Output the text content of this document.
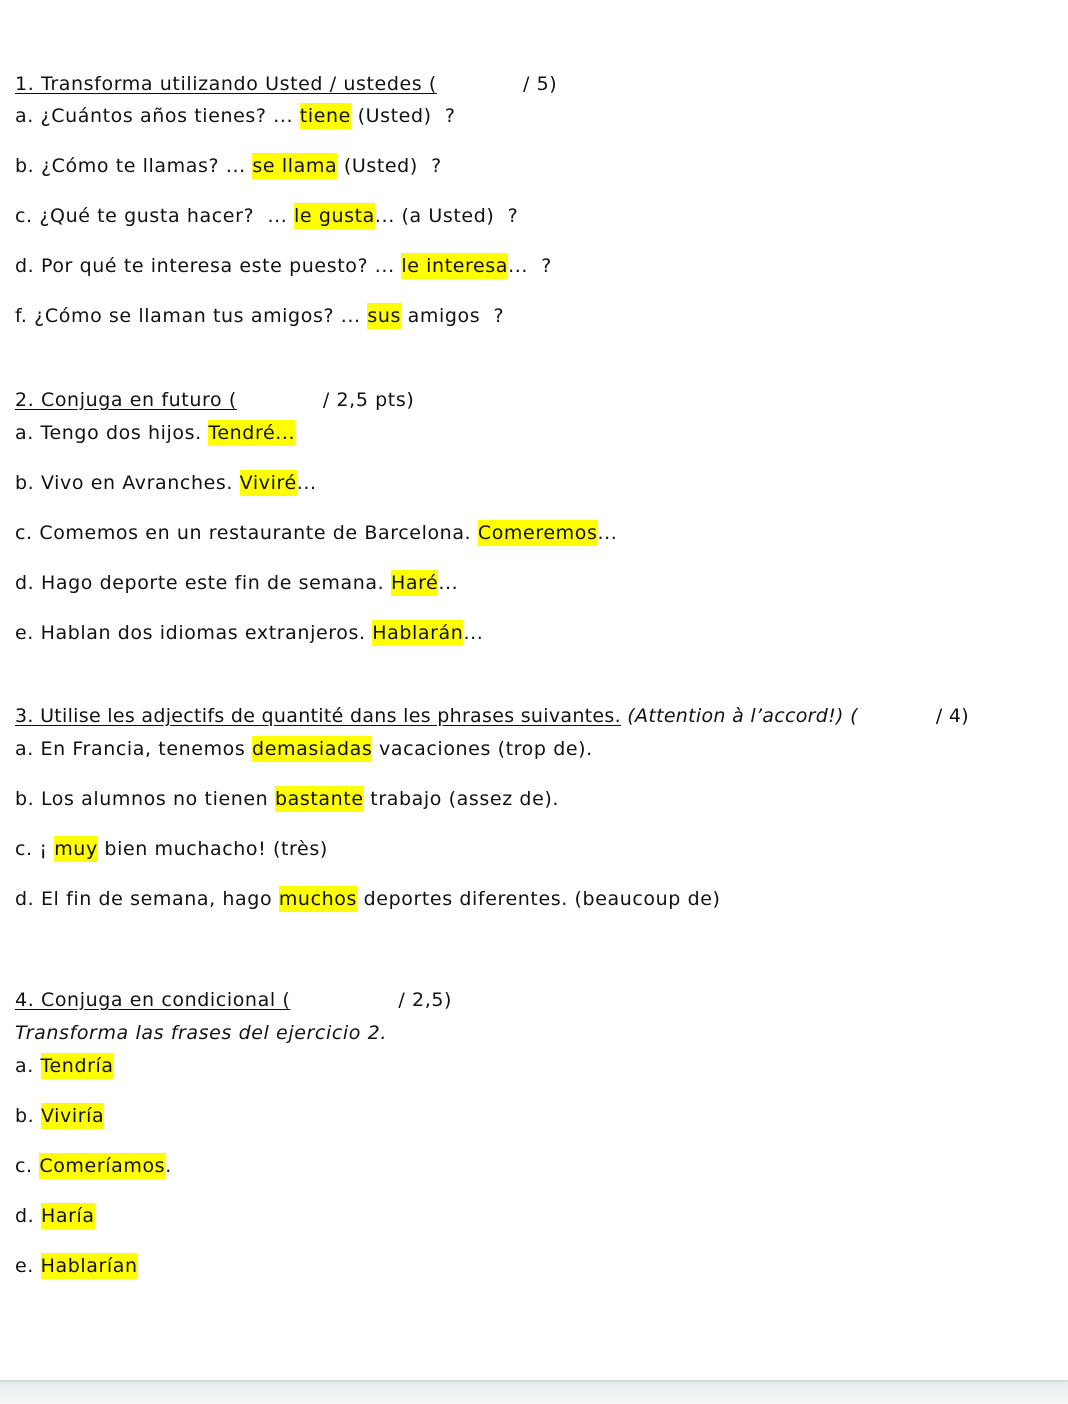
1. Transforma utilizando Usted / ustedes (	/ 5)
a. ¿Cuántos años tienes? ... tiene (Usted)  ?
b. ¿Cómo te llamas? ... se llama (Usted)  ?
c. ¿Qué te gusta hacer?  ... le gusta... (a Usted)  ?
d. Por qué te interesa este puesto? ... le interesa...  ?
f. ¿Cómo se llaman tus amigos? ... sus amigos  ?
2. Conjuga en futuro (	/ 2,5 pts)
a. Tengo dos hijos. Tendré...
b. Vivo en Avranches. Viviré...
c. Comemos en un restaurante de Barcelona. Comeremos...
d. Hago deporte este fin de semana. Haré...
e. Hablan dos idiomas extranjeros. Hablarán...
3. Utilise les adjectifs de quantité dans les phrases suivantes. (Attention à l’accord!) (	/ 4)
a. En Francia, tenemos demasiadas vacaciones (trop de).
b. Los alumnos no tienen bastante trabajo (assez de).
c. ¡ muy bien muchacho! (très)
d. El fin de semana, hago muchos deportes diferentes. (beaucoup de)
4. Conjuga en condicional (	/ 2,5)
Transforma las frases del ejercicio 2.
a. Tendría
b. Viviría
c. Comeríamos.
d. Haría
e. Hablarían
